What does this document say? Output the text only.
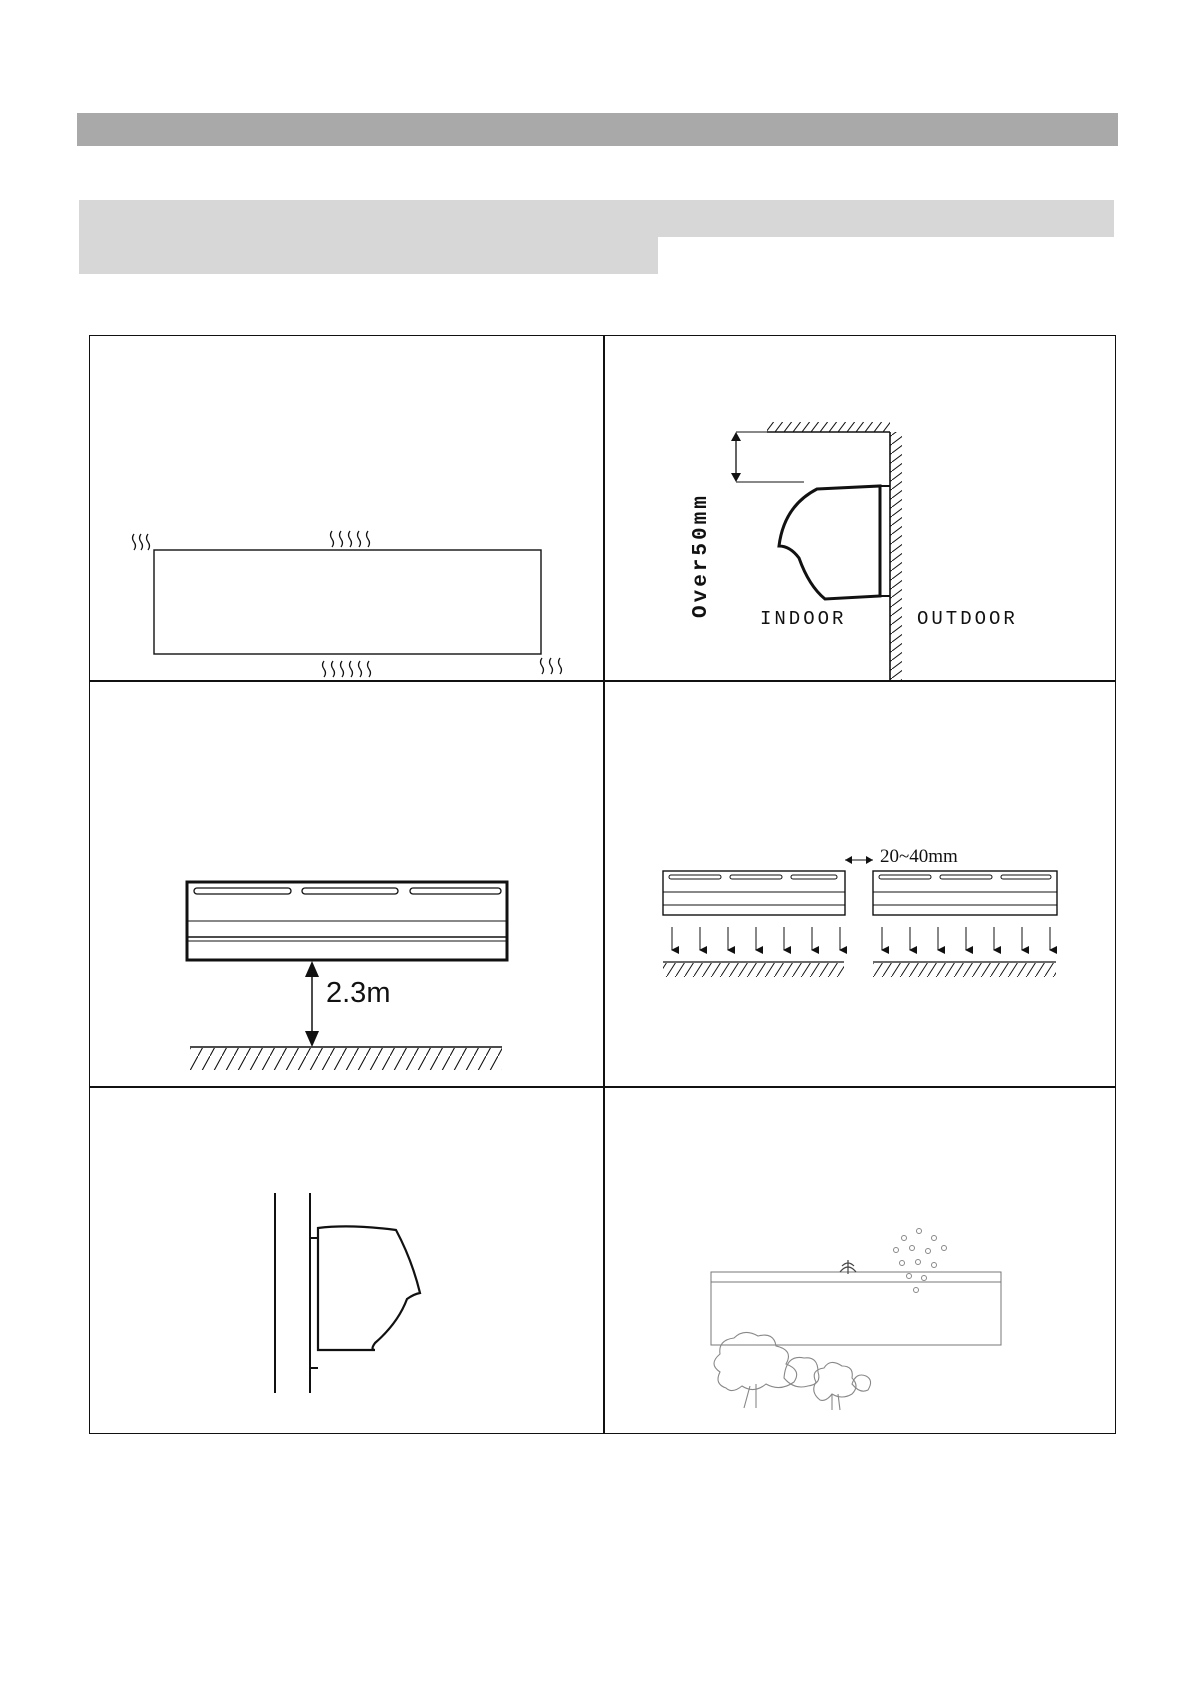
Over50mm
INDOOR	OUTDOOR
2.3m
20~40mm
